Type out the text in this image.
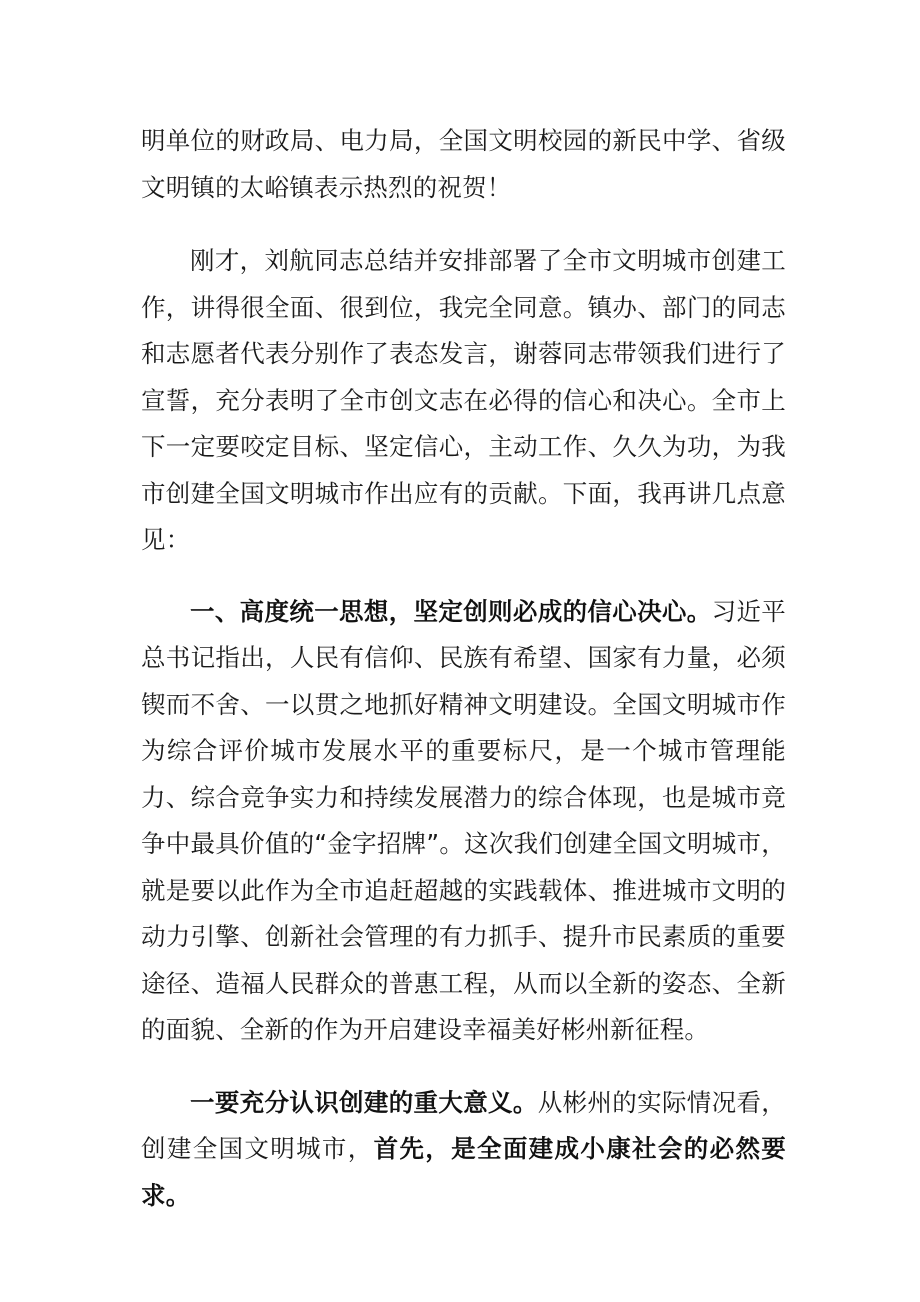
明单位的财政局、电力局，全国文明校园的新民中学、省级文明镇的太峪镇表示热烈的祝贺！

刚才，刘航同志总结并安排部署了全市文明城市创建工作，讲得很全面、很到位，我完全同意。镇办、部门的同志和志愿者代表分别作了表态发言，谢蓉同志带领我们进行了宣誓，充分表明了全市创文志在必得的信心和决心。全市上下一定要咬定目标、坚定信心，主动工作、久久为功，为我市创建全国文明城市作出应有的贡献。下面，我再讲几点意见：

一、高度统一思想，坚定创则必成的信心决心。习近平总书记指出，人民有信仰、民族有希望、国家有力量，必须锲而不舍、一以贯之地抓好精神文明建设。全国文明城市作为综合评价城市发展水平的重要标尺，是一个城市管理能力、综合竞争实力和持续发展潜力的综合体现，也是城市竞争中最具价值的“金字招牌”。这次我们创建全国文明城市，就是要以此作为全市追赶超越的实践载体、推进城市文明的动力引擎、创新社会管理的有力抓手、提升市民素质的重要途径、造福人民群众的普惠工程，从而以全新的姿态、全新的面貌、全新的作为开启建设幸福美好彬州新征程。

一要充分认识创建的重大意义。从彬州的实际情况看，创建全国文明城市，首先，是全面建成小康社会的必然要求。
